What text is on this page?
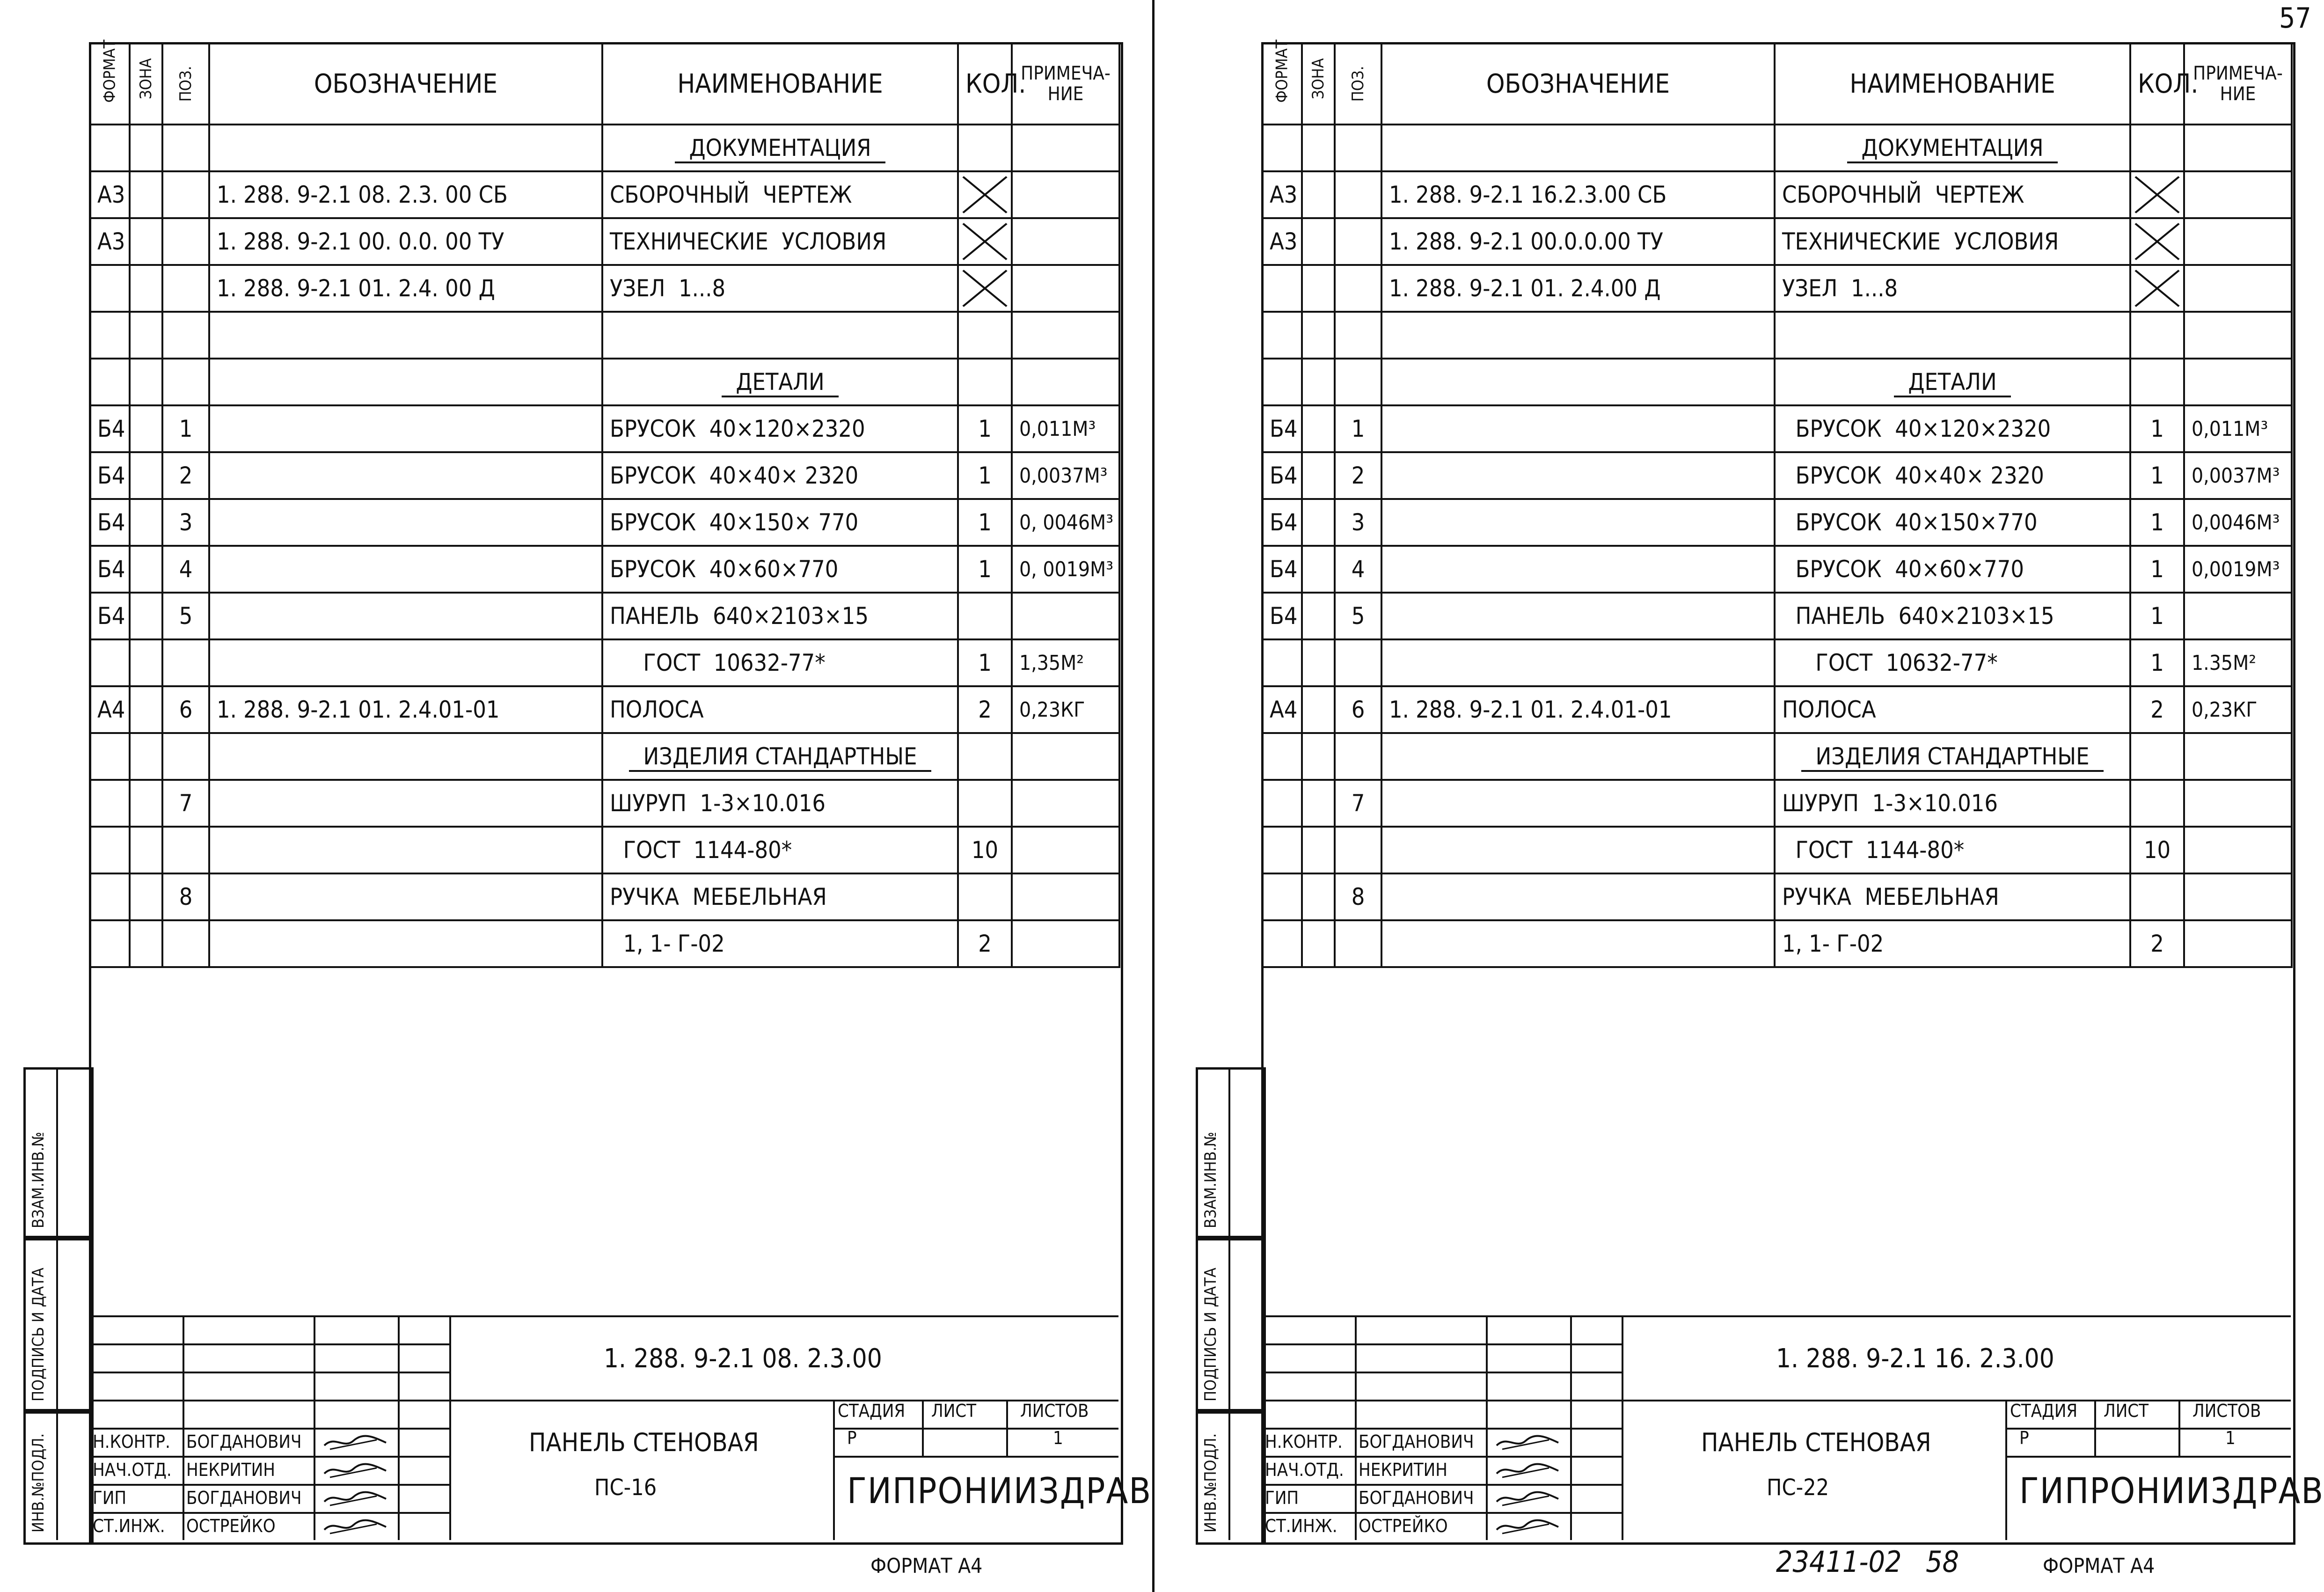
57
ФОРМАТ	ЗОНА	ПОЗ.	ОБОЗНАЧЕНИЕ	НАИМЕНОВАНИЕ	КОЛ.	ПРИМЕЧА-
НИЕ

				ДОКУМЕНТАЦИЯ		
А3			1. 288. 9-2.1 08. 2.3. 00 СБ	СБОРОЧНЫЙ  ЧЕРТЕЖ	

А3			1. 288. 9-2.1 00. 0.0. 00 ТУ	ТЕХНИЧЕСКИЕ  УСЛОВИЯ	

			1. 288. 9-2.1 01. 2.4. 00 Д	УЗЕЛ  1...8	

				ДЕТАЛИ		
Б4		1		БРУСОК  40×120×2320	1	0,011М³
Б4		2		БРУСОК  40×40× 2320	1	0,0037М³
Б4		3		БРУСОК  40×150× 770	1	0, 0046М³
Б4		4		БРУСОК  40×60×770	1	0, 0019М³
Б4		5		ПАНЕЛЬ  640×2103×15		
				ГОСТ  10632-77*	1	1,35М²
А4		6	1. 288. 9-2.1 01. 2.4.01-01	ПОЛОСА	2	0,23КГ
				ИЗДЕЛИЯ СТАНДАРТНЫЕ		
		7		ШУРУП  1-3×10.016		
				ГОСТ  1144-80*	10	
		8		РУЧКА  МЕБЕЛЬНАЯ		
				1, 1- Г-02	2	
ВЗАМ.ИНВ.№
ПОДПИСЬ И ДАТА
ИНВ.№ПОДЛ.
1. 288. 9-2.1 08. 2.3.00
ПАНЕЛЬ СТЕНОВАЯ
ПС-16
СТАДИЯ ЛИСТ ЛИСТОВ
Р	1
ГИПРОНИИЗДРАВ
Н.КОНТР. БОГДАНОВИЧ
НАЧ.ОТД. НЕКРИТИН
ГИП	БОГДАНОВИЧ
СТ.ИНЖ. ОСТРЕЙКО
ФОРМАТ А4
ФОРМАТ	ЗОНА	ПОЗ.	ОБОЗНАЧЕНИЕ	НАИМЕНОВАНИЕ	КОЛ.	ПРИМЕЧА-
НИЕ

				ДОКУМЕНТАЦИЯ		
А3			1. 288. 9-2.1 16.2.3.00 СБ	СБОРОЧНЫЙ  ЧЕРТЕЖ	

А3			1. 288. 9-2.1 00.0.0.00 ТУ	ТЕХНИЧЕСКИЕ  УСЛОВИЯ	

			1. 288. 9-2.1 01. 2.4.00 Д	УЗЕЛ  1...8	

				ДЕТАЛИ		
Б4		1		БРУСОК  40×120×2320	1	0,011М³
Б4		2		БРУСОК  40×40× 2320	1	0,0037М³
Б4		3		БРУСОК  40×150×770	1	0,0046М³
Б4		4		БРУСОК  40×60×770	1	0,0019М³
Б4		5		ПАНЕЛЬ  640×2103×15	1	
				ГОСТ  10632-77*	1	1.35М²
А4		6	1. 288. 9-2.1 01. 2.4.01-01	ПОЛОСА	2	0,23КГ
				ИЗДЕЛИЯ СТАНДАРТНЫЕ		
		7		ШУРУП  1-3×10.016		
				ГОСТ  1144-80*	10	
		8		РУЧКА  МЕБЕЛЬНАЯ		
				1, 1- Г-02	2	
ВЗАМ.ИНВ.№
ПОДПИСЬ И ДАТА
ИНВ.№ПОДЛ.
1. 288. 9-2.1 16. 2.3.00
ПАНЕЛЬ СТЕНОВАЯ
ПС-22
СТАДИЯ ЛИСТ ЛИСТОВ
Р	1
ГИПРОНИИЗДРАВ
Н.КОНТР. БОГДАНОВИЧ
НАЧ.ОТД. НЕКРИТИН
ГИП	БОГДАНОВИЧ
СТ.ИНЖ. ОСТРЕЙКО
ФОРМАТ А4
23411-02 58
